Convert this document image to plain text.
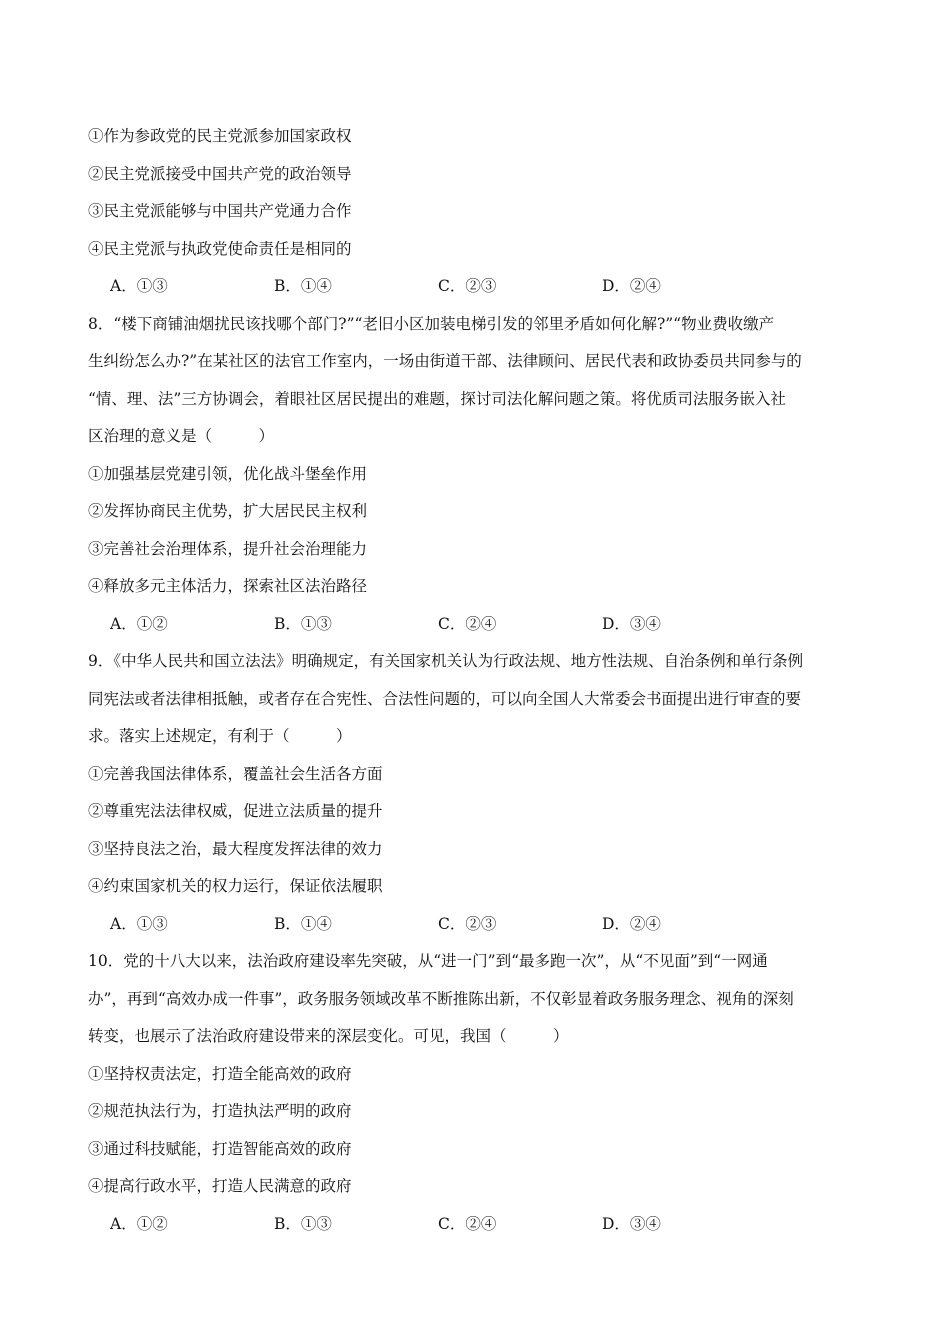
①作为参政党的民主党派参加国家政权
②民主党派接受中国共产党的政治领导
③民主党派能够与中国共产党通力合作
④民主党派与执政党使命责任是相同的
A．①③	B．①④	C．②③	D．②④
8．“楼下商铺油烟扰民该找哪个部门?”“老旧小区加装电梯引发的邻里矛盾如何化解?”“物业费收缴产
生纠纷怎么办?”在某社区的法官工作室内，一场由街道干部、法律顾问、居民代表和政协委员共同参与的
“情、理、法”三方协调会，着眼社区居民提出的难题，探讨司法化解问题之策。将优质司法服务嵌入社
区治理的意义是（　　　）
①加强基层党建引领，优化战斗堡垒作用
②发挥协商民主优势，扩大居民民主权利
③完善社会治理体系，提升社会治理能力
④释放多元主体活力，探索社区法治路径
A．①②	B．①③	C．②④	D．③④
9．《中华人民共和国立法法》明确规定，有关国家机关认为行政法规、地方性法规、自治条例和单行条例
同宪法或者法律相抵触，或者存在合宪性、合法性问题的，可以向全国人大常委会书面提出进行审查的要
求。落实上述规定，有利于（　　　）
①完善我国法律体系，覆盖社会生活各方面
②尊重宪法法律权威，促进立法质量的提升
③坚持良法之治，最大程度发挥法律的效力
④约束国家机关的权力运行，保证依法履职
A．①③	B．①④	C．②③	D．②④
10．党的十八大以来，法治政府建设率先突破，从“进一门”到“最多跑一次”，从“不见面”到“一网通
办”，再到“高效办成一件事”，政务服务领域改革不断推陈出新，不仅彰显着政务服务理念、视角的深刻
转变，也展示了法治政府建设带来的深层变化。可见，我国（　　　）
①坚持权责法定，打造全能高效的政府
②规范执法行为，打造执法严明的政府
③通过科技赋能，打造智能高效的政府
④提高行政水平，打造人民满意的政府
A．①②	B．①③	C．②④	D．③④
